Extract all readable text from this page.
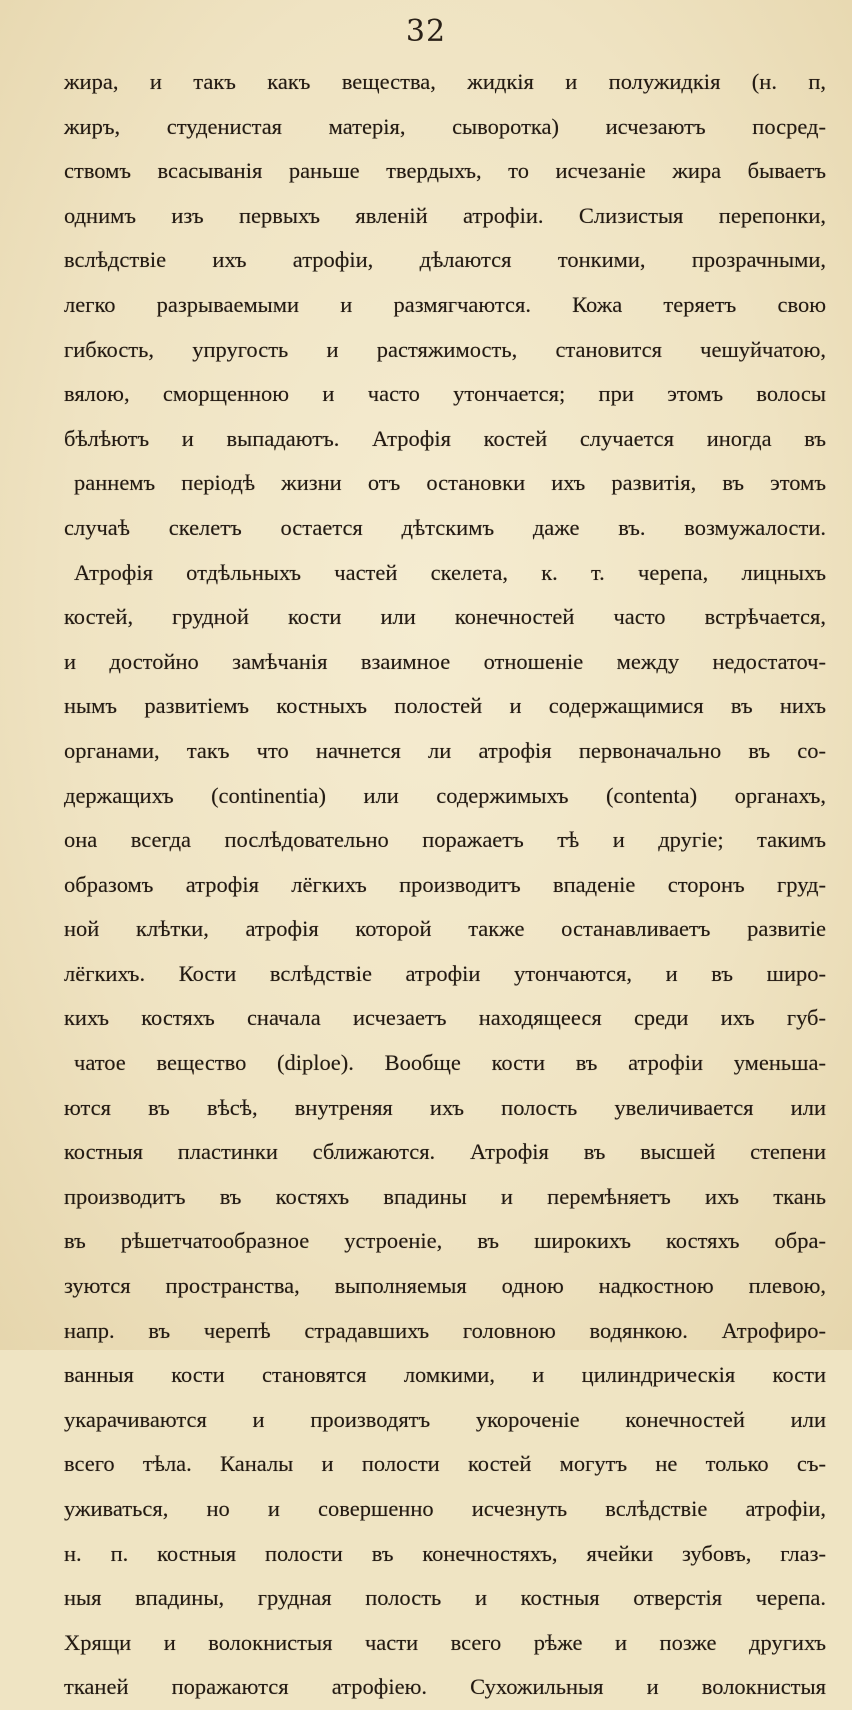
32
жира, и такъ какъ вещества, жидкія и полужидкія (н. п,
жиръ, студенистая матерія, сыворотка) исчезаютъ посред-
ствомъ всасыванія раньше твердыхъ, то исчезаніе жира бываетъ
однимъ изъ первыхъ явленій атрофіи. Слизистыя перепонки,
вслѣдствіе ихъ атрофіи, дѣлаются тонкими, прозрачными,
легко разрываемыми и размягчаются. Кожа теряетъ свою
гибкость, упругость и растяжимость, становится чешуйчатою,
вялою, сморщенною и часто утончается; при этомъ волосы
бѣлѣютъ и выпадаютъ. Атрофія костей случается иногда въ
раннемъ періодѣ жизни отъ остановки ихъ развитія, въ этомъ
случаѣ скелетъ остается дѣтскимъ даже въ. возмужалости.
Атрофія отдѣльныхъ частей скелета, к. т. черепа, лицныхъ
костей, грудной кости или конечностей часто встрѣчается,
и достойно замѣчанія взаимное отношеніе между недостаточ-
нымъ развитіемъ костныхъ полостей и содержащимися въ нихъ
органами, такъ что начнется ли атрофія первоначально въ со-
держащихъ (continentia) или содержимыхъ (contenta) органахъ,
она всегда послѣдовательно поражаетъ тѣ и другіе; такимъ
образомъ атрофія лёгкихъ производитъ впаденіе сторонъ груд-
ной клѣтки, атрофія которой также останавливаетъ развитіе
лёгкихъ. Кости вслѣдствіе атрофіи утончаются, и въ широ-
кихъ костяхъ сначала исчезаетъ находящееся среди ихъ губ-
чатое вещество (diploe). Вообще кости въ атрофіи уменьша-
ются въ вѣсѣ, внутреняя ихъ полость увеличивается или
костныя пластинки сближаются. Атрофія въ высшей степени
производитъ въ костяхъ впадины и перемѣняетъ ихъ ткань
въ рѣшетчатообразное устроеніе, въ широкихъ костяхъ обра-
зуются пространства, выполняемыя одною надкостною плевою,
напр. въ черепѣ страдавшихъ головною водянкою. Атрофиро-
ванныя кости становятся ломкими, и цилиндрическія кости
укарачиваются и производятъ укороченіе конечностей или
всего тѣла. Каналы и полости костей могутъ не только съ-
уживаться, но и совершенно исчезнуть вслѣдствіе атрофіи,
н. п. костныя полости въ конечностяхъ, ячейки зубовъ, глаз-
ныя впадины, грудная полость и костныя отверстія черепа.
Хрящи и волокнистыя части всего рѣже и позже другихъ
тканей поражаются атрофіею. Сухожильныя и волокнистыя
